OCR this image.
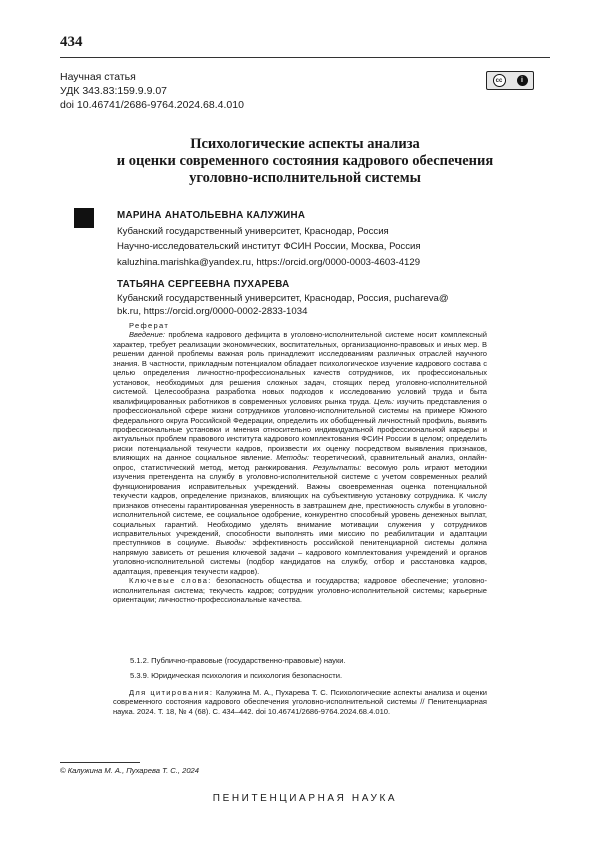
434
Научная статья
УДК 343.83:159.9.9.07
doi 10.46741/2686-9764.2024.68.4.010
cc	i
Психологические аспекты анализа
и оценки современного состояния кадрового обеспечения
уголовно-исполнительной системы
МАРИНА АНАТОЛЬЕВНА КАЛУЖИНА
Кубанский государственный университет, Краснодар, Россия
Научно-исследовательский институт ФСИН России, Москва, Россия
kaluzhina.marishka@yandex.ru, https://orcid.org/0000-0003-4603-4129
ТАТЬЯНА СЕРГЕЕВНА ПУХАРЕВА
Кубанский государственный университет, Краснодар, Россия, puchareva@
bk.ru, https://orcid.org/0000-0002-2833-1034

Реферат

Введение: проблема кадрового дефицита в уголовно-исполнительной системе носит комплексный характер, требует реализации экономических, воспитательных, организационно-правовых и иных мер. В решении данной проблемы важная роль принадлежит исследованиям различных отраслей научного знания. В частности, прикладным потенциалом обладает психологическое изучение кадрового состава с целью определения личностно-профессиональных качеств сотрудников, их профессиональных установок, необходимых для решения сложных задач, стоящих перед уголовно-исполнительной системой. Целесообразна разработка новых подходов к исследованию условий труда и быта квалифицированных работников в современных условиях рынка труда. Цель: изучить представления о профессиональной сфере жизни сотрудников уголовно-исполнительной системы на примере Южного федерального округа Российской Федерации, определить их обобщенный личностный профиль, выявить профессиональные установки и мнения относительно индивидуальной профессиональной карьеры и актуальных проблем правового института кадрового комплектования ФСИН России в целом; определить риски потенциальной текучести кадров, произвести их оценку посредством выявления признаков, влияющих на данное социальное явление. Методы: теоретический, сравнительный анализ, онлайн-опрос, статистический метод, метод ранжирования. Результаты: весомую роль играют методики изучения претендента на службу в уголовно-исполнительной системе с учетом современных реалий функционирования исправительных учреждений. Важны своевременная оценка потенциальной текучести кадров, определение признаков, влияющих на субъективную установку сотрудника. К числу признаков отнесены гарантированная уверенность в завтрашнем дне, престижность службы в уголовно-исполнительной системе, ее социальное одобрение, конкурентно способный уровень денежных выплат, социальных гарантий. Необходимо уделять внимание мотивации служения у сотрудников исправительных учреждений, способности выполнять ими миссию по реабилитации и адаптации преступников в социуме. Выводы: эффективность российской пенитенциарной системы должна напрямую зависеть от решения ключевой задачи – кадрового комплектования учреждений и органов уголовно-исполнительной системы (подбор кандидатов на службу, отбор и расстановка кадров, адаптация, превенция текучести кадров).

Ключевые слова: безопасность общества и государства; кадровое обеспечение; уголовно-исполнительная система; текучесть кадров; сотрудник уголовно-исполнительной системы; карьерные ориентации; личностно-профессиональные качества.

5.1.2. Публично-правовые (государственно-правовые) науки.
5.3.9. Юридическая психология и психология безопасности.

Для цитирования: Калужина М. А., Пухарева Т. С. Психологические аспекты анализа и оценки современного состояния кадрового обеспечения уголовно-исполнительной системы // Пенитенциарная наука. 2024. Т. 18, № 4 (68). С. 434–442. doi 10.46741/2686-9764.2024.68.4.010.

© Калужина М. А., Пухарева Т. С., 2024
ПЕНИТЕНЦИАРНАЯ НАУКА
